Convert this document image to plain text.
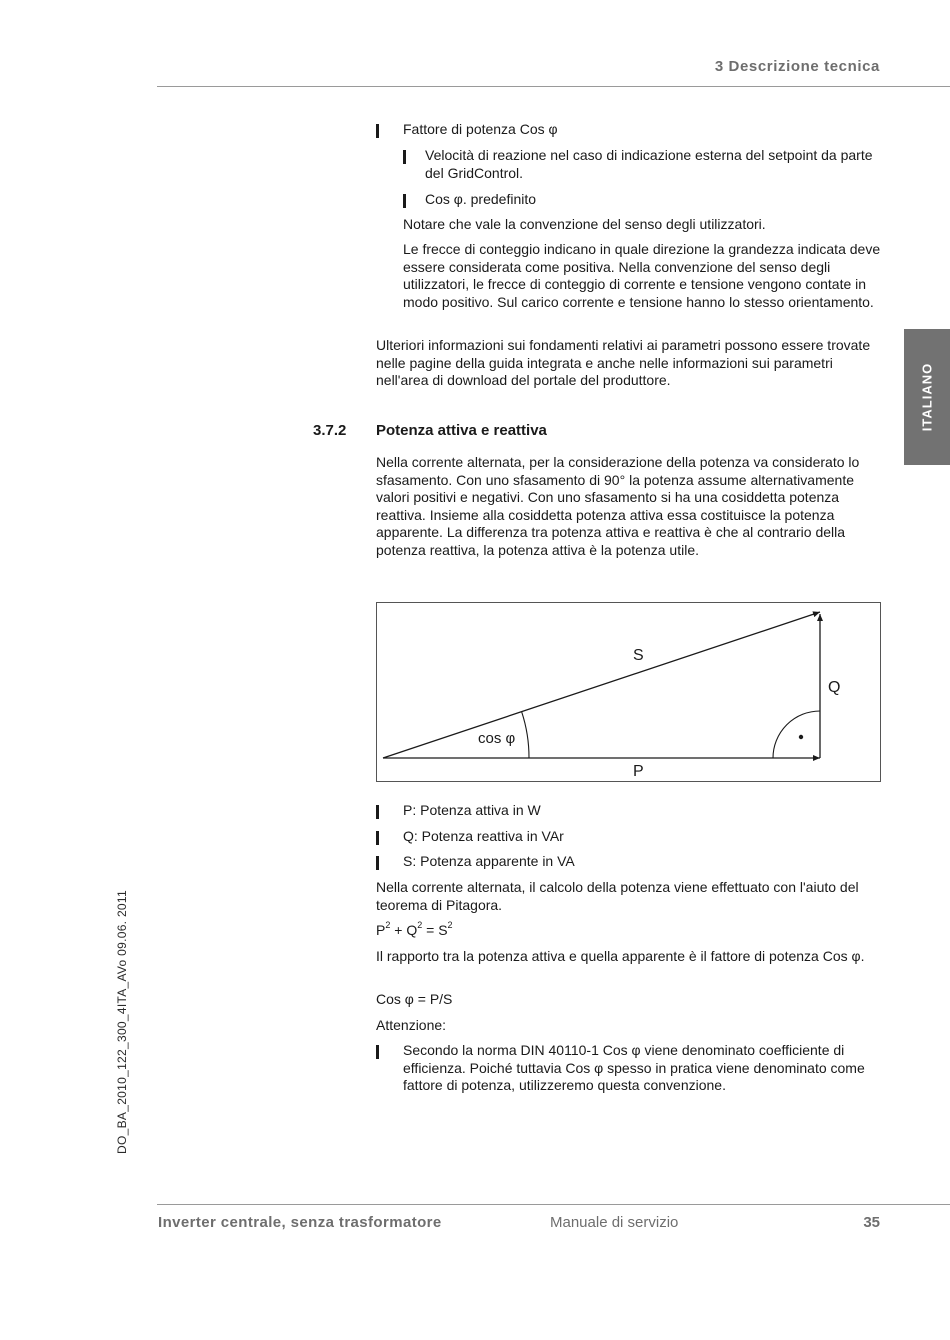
3 Descrizione tecnica
ITALIANO
DO_BA_2010_122_300_4ITA_AVo 09.06. 2011

Fattore di potenza Cos φ

Velocità di reazione nel caso di indicazione esterna del setpoint da parte del GridControl.

Cos φ. predefinito

Notare che vale la convenzione del senso degli utilizzatori.

Le frecce di conteggio indicano in quale direzione la grandezza indicata deve essere considerata come positiva. Nella convenzione del senso degli utilizzatori, le frecce di conteggio di corrente e tensione vengono contate in modo positivo. Sul carico corrente e tensione hanno lo stesso orientamento.

Ulteriori informazioni sui fondamenti relativi ai parametri possono essere trovate nelle pagine della guida integrata e anche nelle informazioni sui parametri nell'area di download del portale del produttore.

3.7.2 Potenza attiva e reattiva

Nella corrente alternata, per la considerazione della potenza va considerato lo sfasamento. Con uno sfasamento di 90° la potenza assume alternativamente valori positivi e negativi. Con uno sfasamento si ha una cosiddetta potenza reattiva. Insieme alla cosiddetta potenza attiva essa costituisce la potenza apparente. La differenza tra potenza attiva e reattiva è che al contrario della potenza reattiva, la potenza attiva è la potenza utile.

S
Q
P
cos φ

P: Potenza attiva in W

Q: Potenza reattiva in VAr

S: Potenza apparente in VA

Nella corrente alternata, il calcolo della potenza viene effettuato con l'aiuto del teorema di Pitagora.

$P^2 + Q^2 = S^2$

Il rapporto tra la potenza attiva e quella apparente è il fattore di potenza Cos φ.

Cos φ = P/S

Attenzione:

Secondo la norma DIN 40110-1 Cos φ viene denominato coefficiente di efficienza. Poiché tuttavia Cos φ spesso in pratica viene denominato come fattore di potenza, utilizzeremo questa convenzione.

Inverter centrale, senza trasformatore	Manuale di servizio	35
